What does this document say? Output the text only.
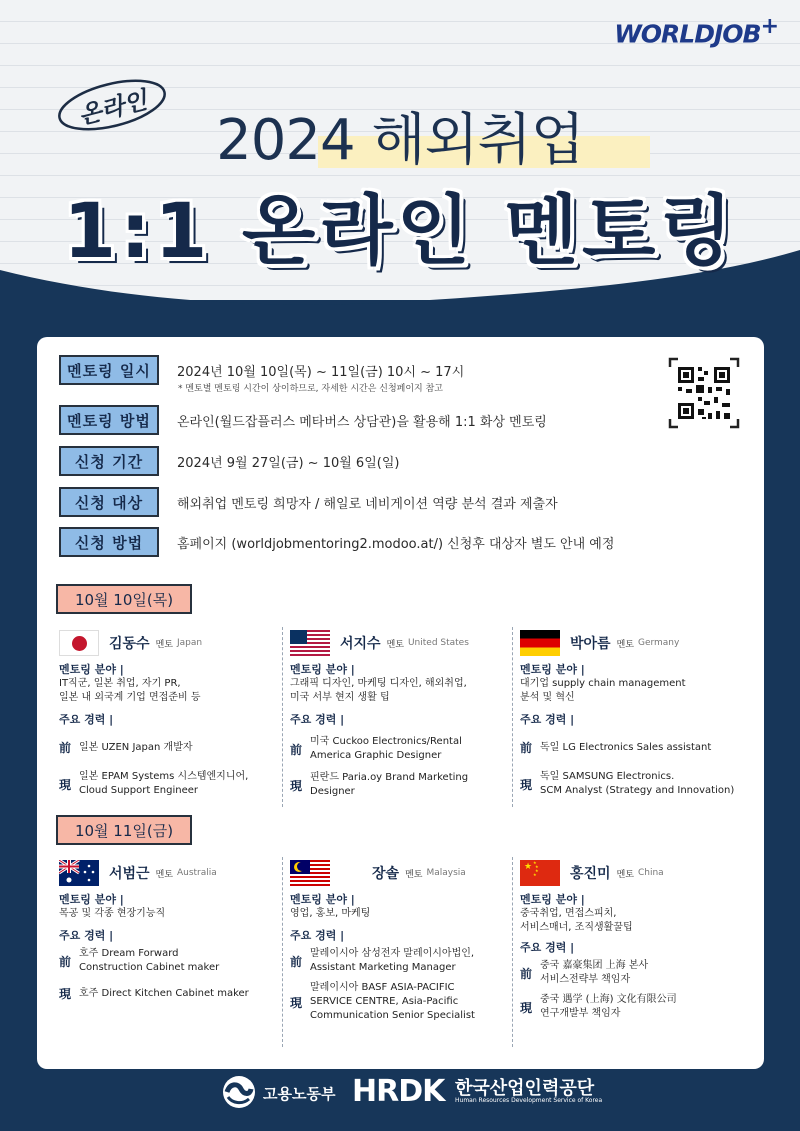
WORLDJOB+
온라인
2024 해외취업
1:1 온라인 멘토링
멘토링 일시	2024년 10월 10일(목) ~ 11일(금) 10시 ~ 17시
* 멘토별 멘토링 시간이 상이하므로, 자세한 시간은 신청페이지 참고
멘토링 방법	온라인(월드잡플러스 메타버스 상담관)을 활용해 1:1 화상 멘토링
신청 기간	2024년 9월 27일(금) ~ 10월 6일(일)
신청 대상	해외취업 멘토링 희망자 / 해일로 네비게이션 역량 분석 결과 제출자
신청 방법	홈페이지 (worldjobmentoring2.modoo.at/) 신청후 대상자 별도 안내 예정
10월 10일(목)
김동수 멘토 Japan
멘토링 분야 |
IT직군, 일본 취업, 자기 PR,
일본 내 외국계 기업 면접준비 등
주요 경력 |
前 일본 UZEN Japan 개발자
現
일본 EPAM Systems 시스템엔지니어,
Cloud Support Engineer
서지수 멘토 United States
멘토링 분야 |
그래픽 디자인, 마케팅 디자인, 해외취업,
미국 서부 현지 생활 팁
주요 경력 |
前
미국 Cuckoo Electronics/Rental
America Graphic Designer
現
핀란드 Paria.oy Brand Marketing
Designer
박아름 멘토 Germany
멘토링 분야 |
대기업 supply chain management
분석 및 혁신
주요 경력 |
前 독일 LG Electronics Sales assistant
現
독일 SAMSUNG Electronics.
SCM Analyst (Strategy and Innovation)
10월 11일(금)
서범근 멘토 Australia
멘토링 분야 |
목공 및 각종 현장기능직
주요 경력 |
前
호주 Dream Forward
Construction Cabinet maker
現 호주 Direct Kitchen Cabinet maker
장솔 멘토 Malaysia
멘토링 분야 |
영업, 홍보, 마케팅
주요 경력 |
前
말레이시아 삼성전자 말레이시아법인,
Assistant Marketing Manager
現
말레이시아 BASF ASIA-PACIFIC
SERVICE CENTRE, Asia-Pacific
Communication Senior Specialist
★ ★
★
★
★ 홍진미 멘토 China
멘토링 분야 |
중국취업, 면접스피치,
서비스매너, 조직생활꿀팁
주요 경력 |
前
중국 嘉豪集团 上海 본사
서비스전략부 책임자
現
중국 遇学 (上海) 文化有限公司
연구개발부 책임자
고용노동부 HRDK 한국산업인력공단
Human Resources Development Service of Korea
